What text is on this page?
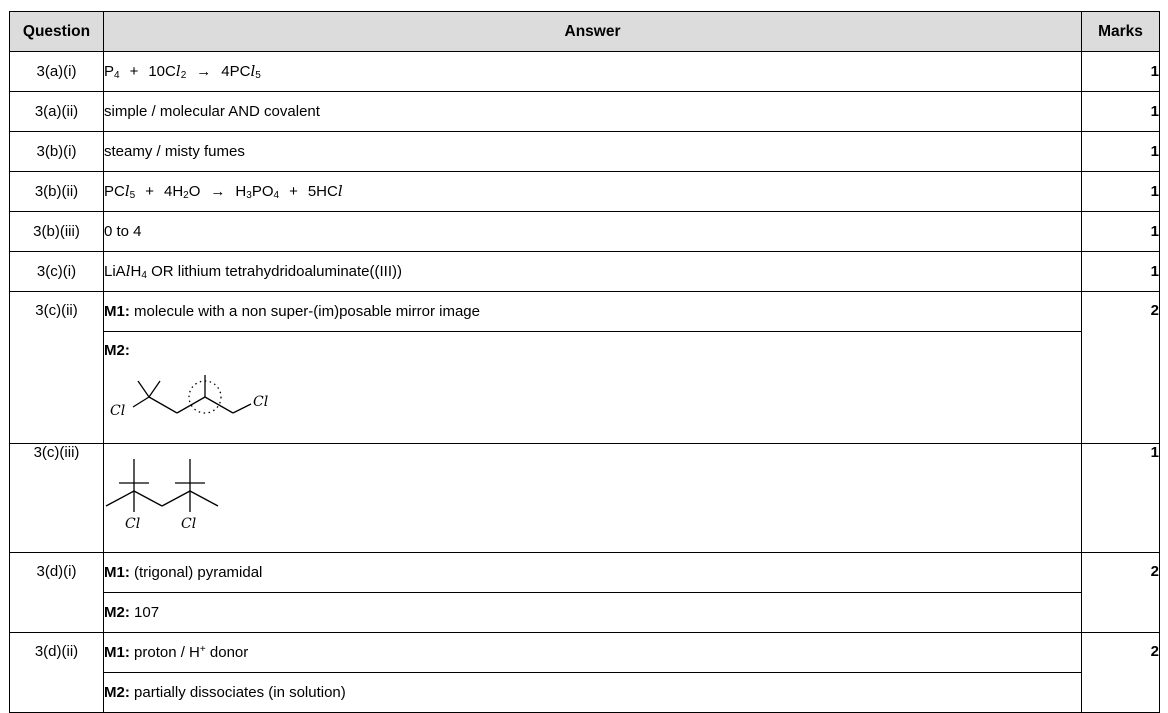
Question	Answer	Marks
3(a)(i)	$P_4 + 10Cl_2 \to 4PCl_5$	1
3(a)(ii)	simple / molecular AND covalent	1
3(b)(i)	steamy / misty fumes	1
3(b)(ii)	$PCl_5 + 4H_2O \to H_3PO_4 + 5HCl$	1
3(b)(iii)	0 to 4	1
3(c)(i)	LiAlH$_4$ OR lithium tetrahydridoaluminate((III))	1
3(c)(ii)	M1: molecule with a non super-(im)posable mirror image	2
	M2:
Cl
Cl	

3(c)(iii)	Cl Cl	1
3(d)(i)	M1: (trigonal) pyramidal	2
	M2: 107	
3(d)(ii)	M1: proton / H+ donor	2
	M2: partially dissociates (in solution)	
